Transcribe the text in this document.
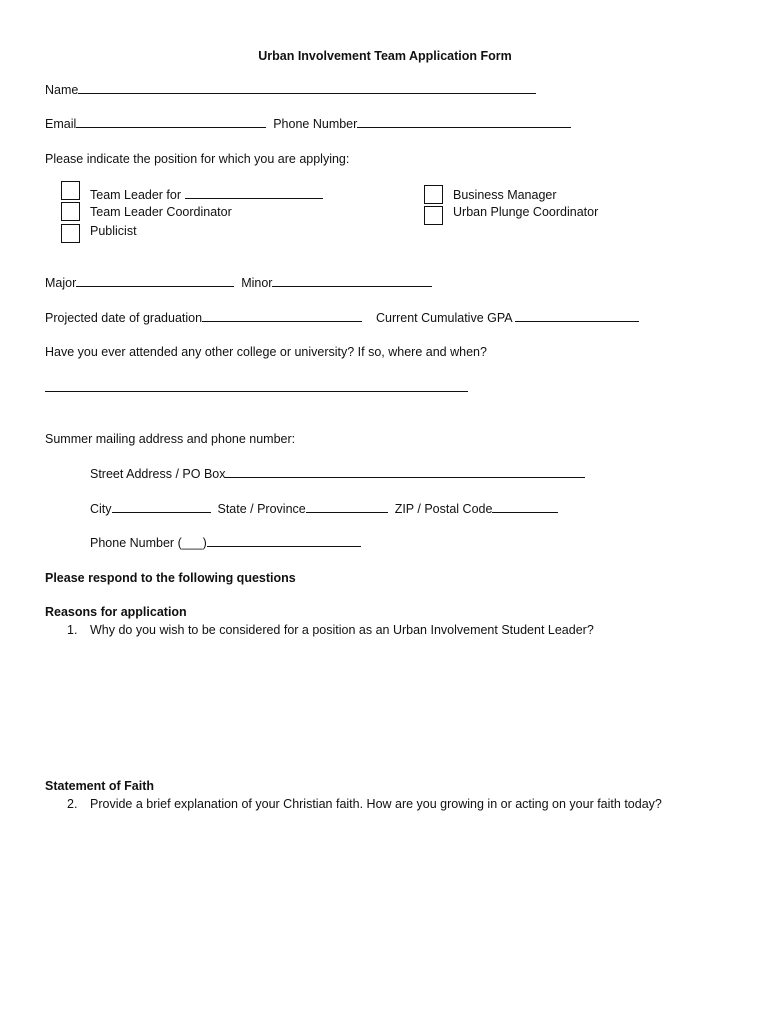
Urban Involvement Team Application Form
Name
Email	Phone Number
Please indicate the position for which you are applying:
Team Leader for
Team Leader Coordinator
Publicist
Business Manager
Urban Plunge Coordinator
Major	Minor
Projected date of graduation	Current Cumulative GPA
Have you ever attended any other college or university? If so, where and when?
Summer mailing address and phone number:
Street Address / PO Box
City	State / Province	ZIP / Postal Code
Phone Number (___)
Please respond to the following questions
Reasons for application
1. Why do you wish to be considered for a position as an Urban Involvement Student Leader?
Statement of Faith
2. Provide a brief explanation of your Christian faith. How are you growing in or acting on your faith today?
